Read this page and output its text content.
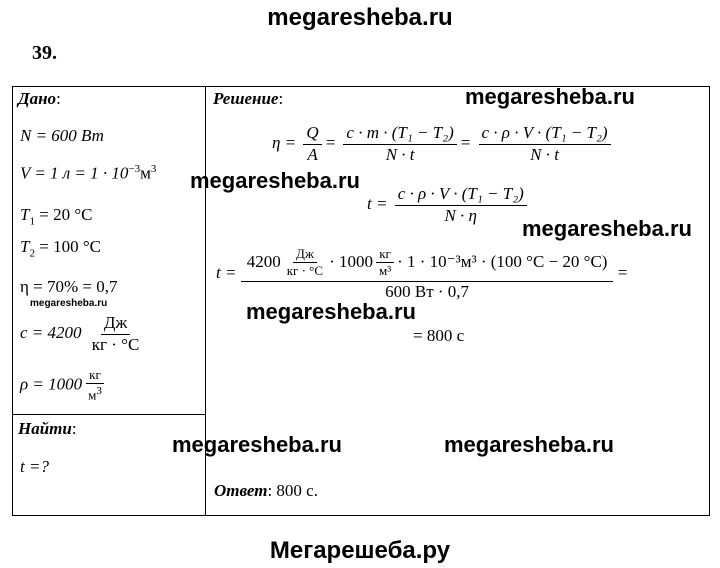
megaresheba.ru
39.
Дано:
N = 600 Вт
V = 1 $л = 1 \cdot 10^{-3}м^3$
$T_1 = 20$ °C
$T_2 = 100$ °C
η = 70% = 0,7
$c = 4200 \frac{Дж}{кг \cdot ^\circ C}$
$\rho = 1000 \frac{кг}{м^3}$
Найти:
t =?
Решение:
$\eta = \frac{Q}{A} = \frac{\text{c · m · (T₁ − T₂)}}{N \cdot t} = \frac{\text{c · ρ · V · (T₁ − T₂)}}{N \cdot t}$
$t = \frac{\text{c · ρ · V · (T₁ − T₂)}}{N \cdot \eta}$
t =
$4200 \frac{Дж}{кг \cdot ^\circ C} \cdot 1000 \frac{кг}{\text{м³}} \cdot 1 \cdot 10^{-3}м^3 \cdot (100$ °C − 20 °C)
600 Вт · 0,7
=
= 800 с
Ответ: 800 с.
megaresheba.ru
megaresheba.ru
megaresheba.ru
megaresheba.ru
megaresheba.ru
megaresheba.ru	megaresheba.ru
Мегарешеба.ру
